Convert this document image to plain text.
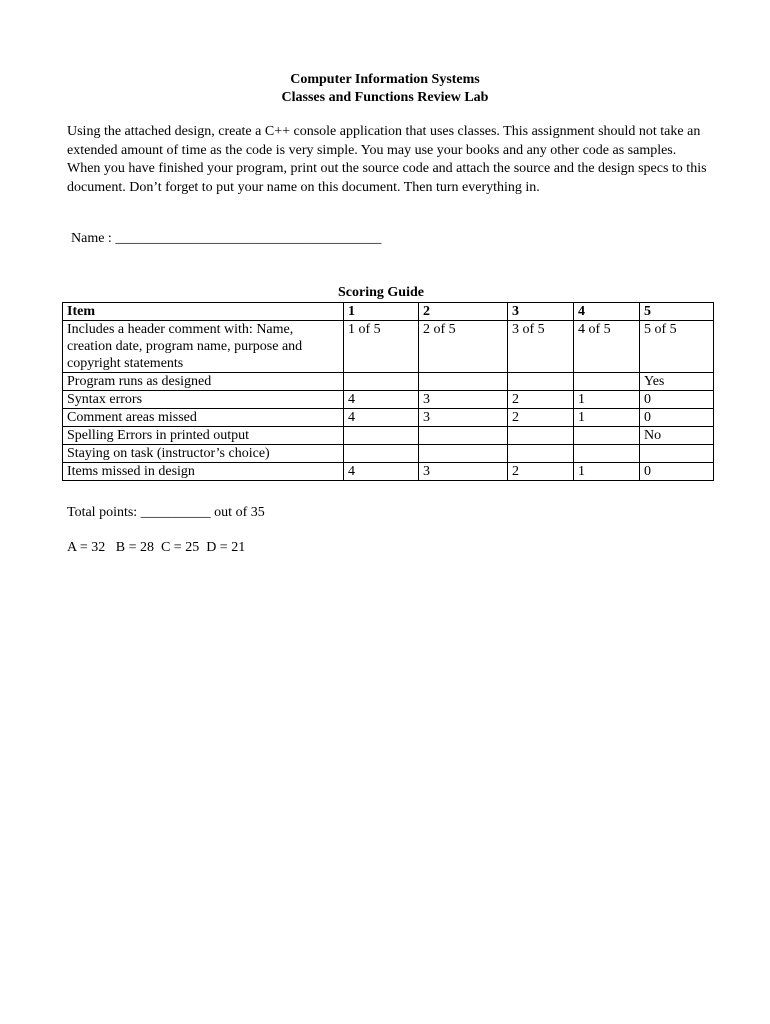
Computer Information Systems
Classes and Functions Review Lab
Using the attached design, create a C++ console application that uses classes. This assignment should not take an extended amount of time as the code is very simple. You may use your books and any other code as samples. When you have finished your program, print out the source code and attach the source and the design specs to this document. Don’t forget to put your name on this document. Then turn everything in.
Name : ______________________________________
Scoring Guide
Item	1	2	3	4	5
Includes a header comment with: Name, creation date, program name, purpose and copyright statements	1 of 5	2 of 5	3 of 5	4 of 5	5 of 5
Program runs as designed					Yes
Syntax errors	4	3	2	1	0
Comment areas missed	4	3	2	1	0
Spelling Errors in printed output					No
Staying on task (instructor’s choice)					
Items missed in design	4	3	2	1	0
Total points: __________ out of 35
A = 32   B = 28  C = 25  D = 21
